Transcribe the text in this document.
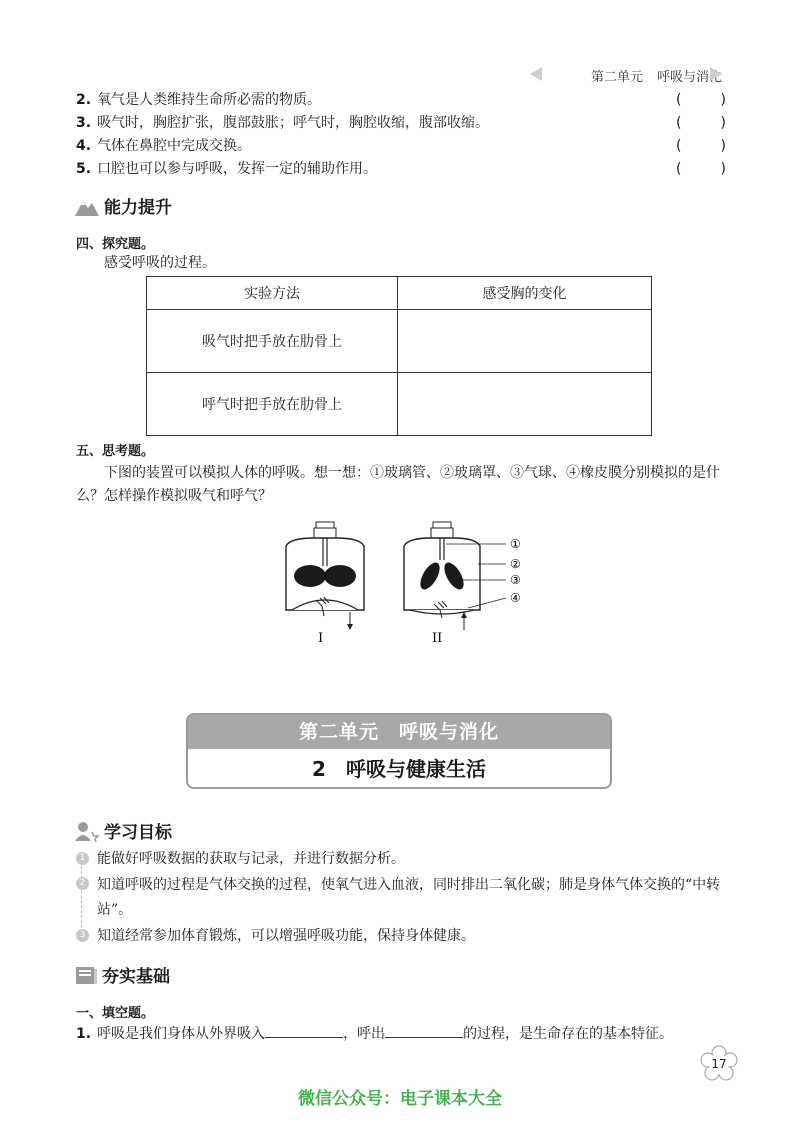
第二单元 呼吸与消化
2. 氧气是人类维持生命所必需的物质。	(	)
3. 吸气时，胸腔扩张，腹部鼓胀；呼气时，胸腔收缩，腹部收缩。	(	)
4. 气体在鼻腔中完成交换。	(	)
5. 口腔也可以参与呼吸，发挥一定的辅助作用。	(	)
能力提升
四、探究题。
感受呼吸的过程。
实验方法	感受胸的变化
吸气时把手放在肋骨上	
呼气时把手放在肋骨上	
五、思考题。
下图的装置可以模拟人体的呼吸。想一想：①玻璃管、②玻璃罩、③气球、④橡皮膜分别模拟的是什么？怎样操作模拟吸气和呼气？
I	II
①
②
③
④
第二单元　呼吸与消化
2　呼吸与健康生活
学习目标
1 能做好呼吸数据的获取与记录，并进行数据分析。
2 知道呼吸的过程是气体交换的过程，使氧气进入血液，同时排出二氧化碳；肺是身体气体交换的“中转站”。
3 知道经常参加体育锻炼，可以增强呼吸功能，保持身体健康。
夯实基础
一、填空题。
1. 呼吸是我们身体从外界吸入	，呼出	的过程，是生命存在的基本特征。
17
微信公众号：电子课本大全
